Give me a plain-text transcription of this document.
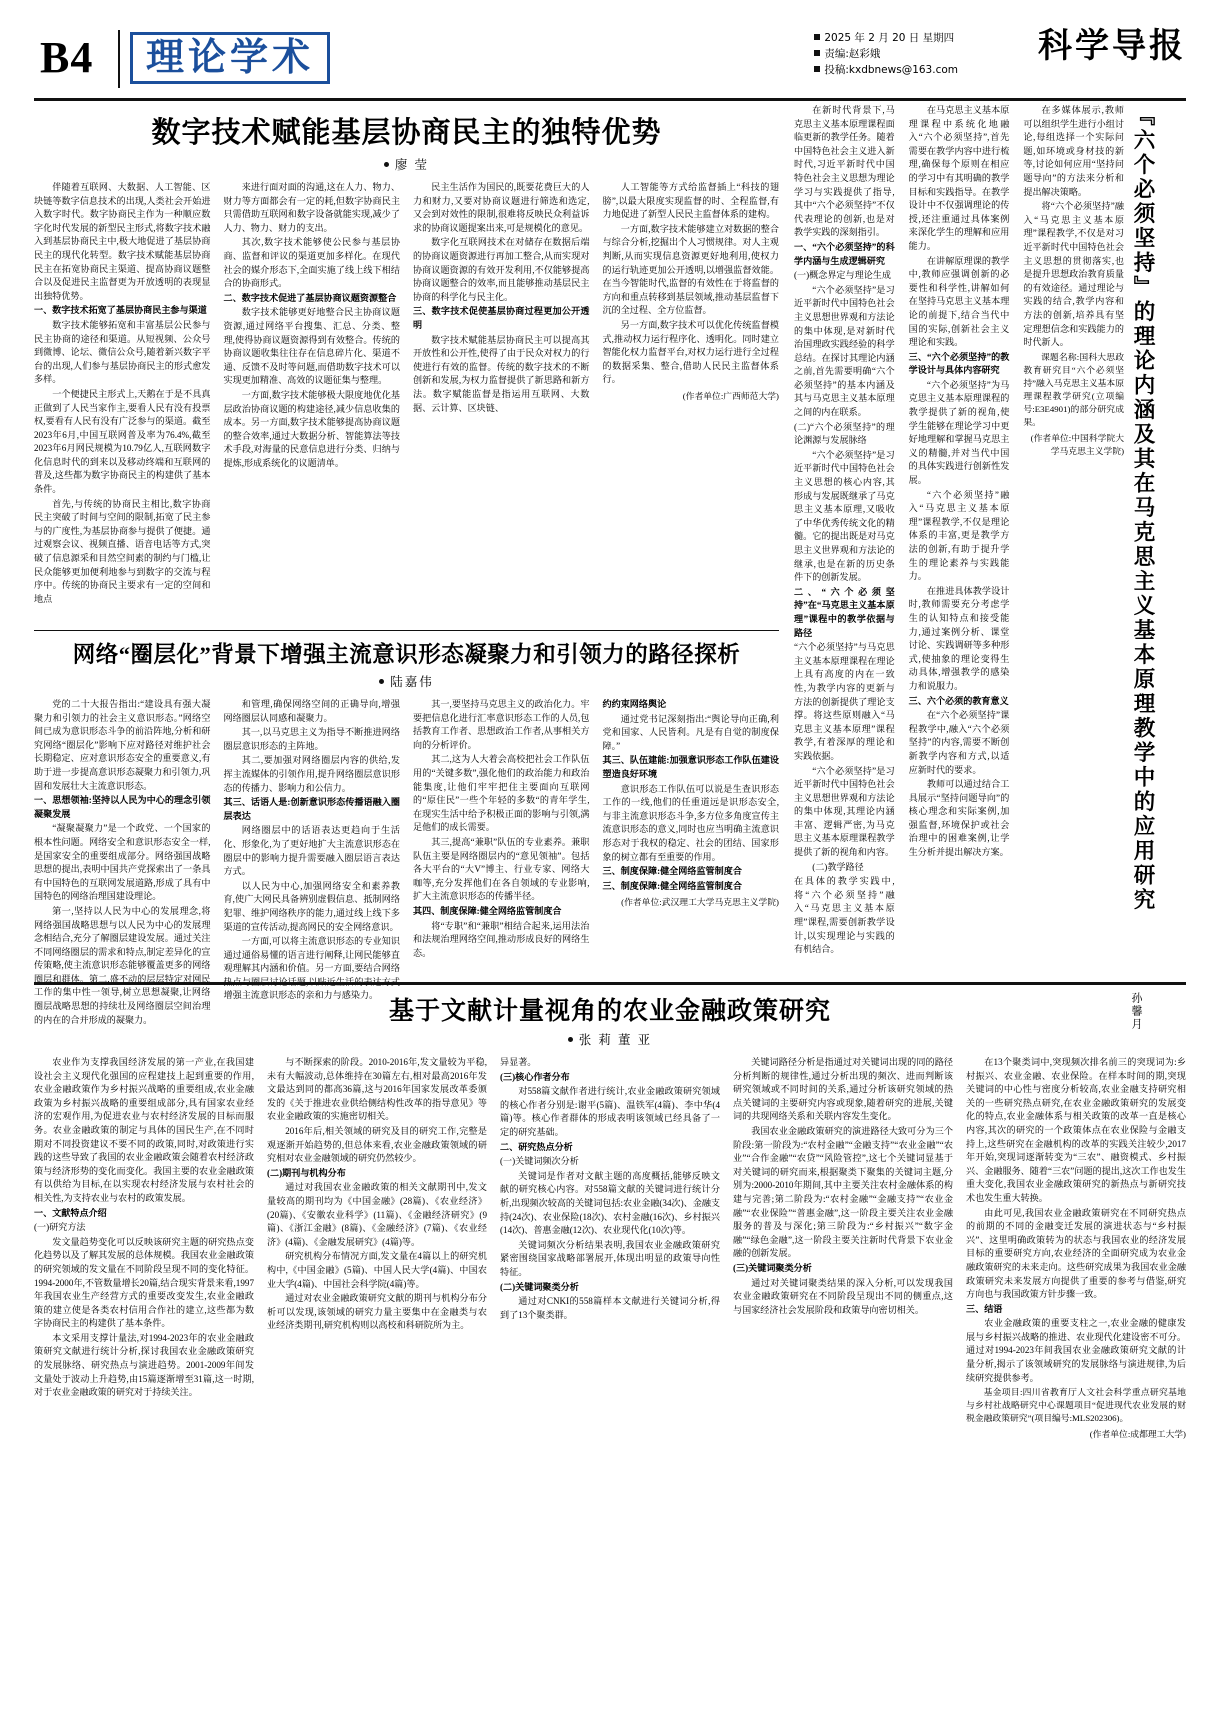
B4	理论学术	2025 年 2 月 20 日 星期四
责编:赵彩娥
投稿:kxdbnews@163.com
科学导报
数字技术赋能基层协商民主的独特优势
廖 莹

伴随着互联网、大数据、人工智能、区块链等数字信息技术的出现,人类社会开始进入数字时代。数字协商民主作为一种顺应数字化时代发展的新型民主形式,将数字技术融入到基层协商民主中,极大地促进了基层协商民主的现代化转型。数字技术赋能基层协商民主在拓宽协商民主渠道、提高协商议题整合以及促进民主监督更为开放透明的表现显出独特优势。

一、数字技术拓宽了基层协商民主参与渠道

数字技术能够拓宽和丰富基层公民参与民主协商的途径和渠道。从短视频、公众号到微博、论坛、微信公众号,随着新兴数字平台的出现,人们参与基层协商民主的形式愈发多样。

一个便捷民主形式上,天鹅在于是不具真正做到了人民当家作主,要看人民有没有投票权,要看有人民有没有广泛参与的渠道。截至2023年6月,中国互联网普及率为76.4%,截至2023年6月网民规模为10.79亿人,互联网数字化信息时代的到来以及移动终端和互联网的普及,这些都为数字协商民主的构建供了基本条件。

首先,与传统的协商民主相比,数字协商民主突破了时间与空间的限制,拓宽了民主参与的广度性,为基层协商参与提供了便捷。通过观察会议、视频直播、语音电话等方式,突破了信息源采和目然空间素的制约与门槛,让民众能够更加便利地参与到数字的交流与程序中。传统的协商民主要求有一定的空间和地点

来进行面对面的沟通,这在人力、物力、财力等方面都会有一定的耗,但数字协商民主只需借助互联网和数字设备就能实现,减少了人力、物力、财力的支出。

其次,数字技术能够使公民参与基层协商、监督和评议的渠道更加多样化。在现代社会的媒介形态下,全面实施了线上线下相结合的协商形式。

二、数字技术促进了基层协商议题资源整合

数字技术能够更好地整合民主协商议题资源,通过网络平台搜集、汇总、分类、整理,使得协商议题资源得到有效整合。传统的协商议题收集往往存在信息碎片化、渠道不通、反馈不及时等问题,而借助数字技术可以实现更加精准、高效的议题征集与整理。

一方面,数字技术能够极大限度地优化基层政治协商议题的构建途径,减少信息收集的成本。另一方面,数字技术能够提高协商议题的整合效率,通过大数据分析、智能算法等技术手段,对海量的民意信息进行分类、归纳与提炼,形成系统化的议题清单。

民主生活作为国民的,既要花费巨大的人力和财力,又要对协商议题进行筛选和选定,又会到对效性的限制,很难将反映民众利益诉求的协商议题提案出来,可是规模化的意见。

数字化互联网技术在对储存在数据后端的协商议题资源进行再加工整合,从而实现对协商议题资源的有效开发利用,不仅能够提高协商议题整合的效率,而且能够推动基层民主协商的科学化与民主化。

三、数字技术促使基层协商过程更加公开透明

数字技术赋能基层协商民主可以提高其开放性和公开性,使得了由于民众对权力的行使进行有效的监督。传统的数字技术的不断创新和发展,为权力监督提供了新思路和新方法。数字赋能监督是指运用互联网、大数据、云计算、区块链、

人工智能等方式给监督插上“科技的翅膀”,以最大限度实现监督的时、全程监督,有力地促进了新型人民民主监督体系的建构。

一方面,数字技术能够建立对数据的整合与综合分析,挖掘出个人习惯规律。对人主观判断,从而实现信息资源更好地利用,使权力的运行轨迹更加公开透明,以增强监督效能。在当今智能时代,监督的有效性在于将监督的方向和重点转移到基层领域,推动基层监督下沉的全过程、全方位监督。

另一方面,数字技术可以优化传统监督模式,推动权力运行程序化、透明化。同时建立智能化权力监督平台,对权力运行进行全过程的数据采集、整合,借助人民民主监督体系行。

(作者单位:广西师范大学)	『六个必须坚持』的理论内涵及其在马克思主义基本原理教学中的应用研究
孙馨月

在新时代背景下,马克思主义基本原理课程面临更新的教学任务。随着中国特色社会主义进入新时代,习近平新时代中国特色社会主义思想为理论学习与实践提供了指导,其中“六个必须坚持”不仅代表理论的创新,也是对教学实践的深刻指引。

一、“六个必须坚持”的科学内涵与生成逻辑研究

(一)概念界定与理论生成

“六个必须坚持”是习近平新时代中国特色社会主义思想世界观和方法论的集中体现,是对新时代治国理政实践经验的科学总结。在探讨其理论内涵之前,首先需要明确“六个必须坚持”的基本内涵及其与马克思主义基本原理之间的内在联系。

(二)“六个必须坚持”的理论渊源与发展脉络

“六个必须坚持”是习近平新时代中国特色社会主义思想的核心内容,其形成与发展既继承了马克思主义基本原理,又吸收了中华优秀传统文化的精髓。它的提出既是对马克思主义世界观和方法论的继承,也是在新的历史条件下的创新发展。

二、“六个必须坚持”在“马克思主义基本原理”课程中的教学依据与路径

“六个必须坚持”与马克思主义基本原理课程在理论上具有高度的内在一致性,为教学内容的更新与方法的创新提供了理论支撑。将这些原则融入“马克思主义基本原理”课程教学,有着深厚的理论和实践依据。

“六个必须坚持”是习近平新时代中国特色社会主义思想世界观和方法论的集中体现,其理论内涵丰富、逻辑严密,为马克思主义基本原理课程教学提供了新的视角和内容。

(二)教学路径

在具体的教学实践中,将“六个必须坚持”融入“马克思主义基本原理”课程,需要创新教学设计,以实现理论与实践的有机结合。

在马克思主义基本原理课程中系统化地融入“六个必须坚持”,首先需要在教学内容中进行梳理,确保每个原则在相应的学习中有其明确的教学目标和实践指导。在教学设计中不仅强调理论的传授,还注重通过具体案例来深化学生的理解和应用能力。

在讲解原理课的教学中,教师应强调创新的必要性和科学性,讲解如何在坚持马克思主义基本理论的前提下,结合当代中国的实际,创新社会主义理论和实践。

三、“六个必须坚持”的教学设计与具体内容研究

“六个必须坚持”为马克思主义基本原理课程的教学提供了新的视角,使学生能够在理论学习中更好地理解和掌握马克思主义的精髓,并对当代中国的具体实践进行创新性发展。

“六个必须坚持”融入“马克思主义基本原理”课程教学,不仅是理论体系的丰富,更是教学方法的创新,有助于提升学生的理论素养与实践能力。

在推进具体教学设计时,教师需要充分考虑学生的认知特点和接受能力,通过案例分析、课堂讨论、实践调研等多种形式,使抽象的理论变得生动具体,增强教学的感染力和说服力。

三、六个必须的教育意义

在“六个必须坚持”课程教学中,融入“六个必须坚持”的内容,需要不断创新教学内容和方式,以适应新时代的要求。

教师可以通过结合工具展示“坚持问题导向”的核心理念和实际案例,加强监督,环境保护或社会治理中的困难案例,让学生分析并提出解决方案。

在多媒体展示,教师可以组织学生进行小组讨论,每组选择一个实际问题,如环境或身材技的新等,讨论如何应用“坚持问题导向”的方法来分析和提出解决策略。

将“六个必须坚持”融入“马克思主义基本原理”课程教学,不仅是对习近平新时代中国特色社会主义思想的贯彻落实,也是提升思想政治教育质量的有效途径。通过理论与实践的结合,教学内容和方法的创新,培养具有坚定理想信念和实践能力的时代新人。

课题名称:国科大思政教育研究目“六个必须坚持”融入马克思主义基本原理课程教学研究(立项编号:E3E4901)的部分研究成果。

(作者单位:中国科学院大学马克思主义学院)
网络“圈层化”背景下增强主流意识形态凝聚力和引领力的路径探析
陆嘉伟

党的二十大报告指出:“建设具有强大凝聚力和引领力的社会主义意识形态。”网络空间已成为意识形态斗争的前沿阵地,分析和研究网络“圈层化”影响下应对路径对维护社会长期稳定、应对意识形态安全的重要意义,有助于进一步提高意识形态凝聚力和引领力,巩固和发展壮大主流意识形态。

一、思想领袖:坚持以人民为中心的理念引领凝聚发展

“凝聚凝聚力”是一个政党、一个国家的根本性问题。网络安全和意识形态安全一样,是国家安全的重要组成部分。网络强国战略思想的提出,表明中国共产党探索出了一条具有中国特色的互联网发展道路,形成了具有中国特色的网络治理国建设理论。

第一,坚持以人民为中心的发展理念,将网络强国战略思想与以人民为中心的发展理念相结合,充分了解圈层建设发展。通过关注不同网络圈层的需求和特点,制定差异化的宣传策略,使主流意识形态能够覆盖更多的网络圈层和群体。第二,盛不动的层层特定对网民工作的集中性一领导,树立思想凝聚,让网络圈层战略思想的持续壮及网络圈层空间治理的内在的合并形成的凝聚力。

和管理,确保网络空间的正确导向,增强网络圈层认同感和凝聚力。

其一,以马克思主义为指导不断推进网络圈层意识形态的主阵地。

其二,要加强对网络圈层内容的供给,发挥主流媒体的引领作用,提升网络圈层意识形态的传播力、影响力和公信力。

其三、话语人是:创新意识形态传播语融入圈层表达

网络圈层中的话语表达更趋向于生活化、形象化,为了更好地扩大主流意识形态在圈层中的影响力提升需要融入圈层语言表达方式。

以人民为中心,加强网络安全和素养教育,使广大网民具备辨别虚假信息、抵制网络犯罪、维护网络秩序的能力,通过线上线下多渠道的宣传活动,提高网民的安全网络意识。

一方面,可以将主流意识形态的专业知识通过通俗易懂的语言进行阐释,让网民能够直观理解其内涵和价值。另一方面,要结合网络热点与圈层讨论话题,以贴近生活的表达方式增强主流意识形态的亲和力与感染力。

其一,要坚持马克思主义的政治化力。牢要把信息化进行汇率意识形态工作的人员,包括教育工作者、思想政治工作者,从事相关方向的分析评价。

其二,这为人大着会高校把社会工作队伍用的“关键多数”,强化他们的政治能力和政治能集度,让他们牢牢把住主要面向互联网的“原住民”一些个年轻的多数“的青年学生,在现实生活中给予积极正面的影响与引领,满足他们的成长需要。

其三,提高“兼职”队伍的专业素养。兼职队伍主要是网络圈层内的“意见领袖”。包括各大平台的“大V”博主、行业专家、网络大咖等,充分发挥他们在各自领域的专业影响,扩大主流意识形态的传播半径。

其四、制度保障:健全网络监管制度合

将“专职”和“兼职”相结合起来,运用法治和法规治理网络空间,推动形成良好的网络生态。

约约束网络舆论

通过党书记深刻指出:“舆论导向正确,利党和国家、人民皆利。凡是有自觉的制度保障。”

其三、队伍建能:加强意识形态工作队伍建设塑造良好环境

意识形态工作队伍可以说是生查识形态工作的一线,他们的任重道远是识形态安全,与非主流意识形态斗争,多方位多角度宣传主流意识形态的意义,同时也应当明确主流意识形态对于我权的稳定、社会的团结、国家形象的树立都有至重要的作用。

三、制度保障:健全网络监管制度合

三、制度保障:健全网络监管制度合

(作者单位:武汉理工大学马克思主义学院)
基于文献计量视角的农业金融政策研究
张 莉 董 亚

农业作为支撑我国经济发展的第一产业,在我国建设社会主义现代化强国的应程建技上起到重要的作用,农业金融政策作为乡村振兴战略的重要组成,农业金融政策为乡村振兴战略的重要组成部分,具有国家农业经济的宏观作用,为促进农业与农村经济发展的目标而服务。农业金融政策的制定与具体的国民生产,在不同时期对不同投资建议不要不同的政策,同时,对政策进行实践的这些导致了我国的农业金融政策会随着农村经济政策与经济形势的变化而变化。我国主要的农业金融政策有以供给为目标,在以实现农村经济发展与农村社会的相关性,为支持农业与农村的政策发展。

一、文献特点介绍

(一)研究方法

发文量趋势变化可以反映该研究主题的研究热点变化趋势以及了解其发展的总体规模。我国农业金融政策的研究领域的发文量在不同阶段呈现不同的变化特征。1994-2000年,不管数量增长20篇,结合现实背景来看,1997年我国农业生产经营方式的重要改变发生,农业金融政策的建立使是各类农村信用合作社的建立,这些都为数字协商民主的构建供了基本条件。

本文采用支撑计量法,对1994-2023年的农业金融政策研究文献进行统计分析,探讨我国农业金融政策研究的发展脉络、研究热点与演进趋势。2001-2009年间发文量处于波动上升趋势,由15篇逐渐增至31篇,这一时期,对于农业金融政策的研究对于持续关注。

与不断探索的阶段。2010-2016年,发文量较为平稳,未有大幅波动,总体维持在30篇左右,相对最高2016年发文最达到同的都高36篇,这与2016年国家发展改革委颁发的《关于推进农业供给侧结构性改革的指导意见》等农业金融政策的实施密切相关。

2016年后,相关领域的研究及目的研究工作,完整是观逐渐开始趋势的,但总体来看,农业金融政策领域的研究相对农业金融领域的研究仍然较少。

(二)期刊与机构分布

通过对我国农业金融政策的相关文献期刊中,发文量较高的期刊均为《中国金融》(28篇)、《农业经济》(20篇)、《安徽农业科学》(11篇)、《金融经济研究》(9篇)、《浙江金融》(8篇)、《金融经济》(7篇)、《农业经济》(4篇)、《金融发展研究》(4篇)等。

研究机构分布情况方面,发文量在4篇以上的研究机构中,《中国金融》(5篇)、中国人民大学(4篇)、中国农业大学(4篇)、中国社会科学院(4篇)等。

通过对农业金融政策研究文献的期刊与机构分布分析可以发现,该领域的研究力量主要集中在金融类与农业经济类期刊,研究机构则以高校和科研院所为主。

异显著。

(三)核心作者分布

对558篇文献作者进行统计,农业金融政策研究领域的核心作者分别是:谢平(5篇)、温铁军(4篇)、李中华(4篇)等。核心作者群体的形成表明该领域已经具备了一定的研究基础。

二、研究热点分析

(一)关键词频次分析

关键词是作者对文献主题的高度概括,能够反映文献的研究核心内容。对558篇文献的关键词进行统计分析,出现频次较高的关键词包括:农业金融(34次)、金融支持(24次)、农业保险(18次)、农村金融(16次)、乡村振兴(14次)、普惠金融(12次)、农业现代化(10次)等。

关键词频次分析结果表明,我国农业金融政策研究紧密围绕国家战略部署展开,体现出明显的政策导向性特征。

(二)关键词聚类分析

通过对CNKI的558篇样本文献进行关键词分析,得到了13个聚类群。

关键词路径分析是指通过对关键词出现的同的路径分析判断的规律性,通过分析出现的频次、进而判断该研究领域或不同时间的关系,通过分析该研究领域的热点关键词的主要研究内容或现象,随着研究的进展,关键词的共现网络关系和关联内容发生变化。

我国农业金融政策研究的演进路径大致可分为三个阶段:第一阶段为:“农村金融”“金融支持”“农业金融”“农业”“合作金融”“农贷”“风险管控”,这七个关键词显基于对关键词的研究而来,根据聚类下聚集的关键词主题,分别为:2000-2010年期间,其中主要关注农村金融体系的构建与完善;第二阶段为:“农村金融”“金融支持”“农业金融”“农业保险”“普惠金融”,这一阶段主要关注农业金融服务的普及与深化;第三阶段为:“乡村振兴”“数字金融”“绿色金融”,这一阶段主要关注新时代背景下农业金融的创新发展。

(三)关键词聚类分析

通过对关键词聚类结果的深入分析,可以发现我国农业金融政策研究在不同阶段呈现出不同的侧重点,这与国家经济社会发展阶段和政策导向密切相关。

在13个聚类词中,突现频次排名前三的突现词为:乡村振兴、农业金融、农业保险。在样本时间的期,突现关键词的中心性与密度分析较高,农业金融支持研究相关的一些研究热点研究,在农业金融政策研究的发展变化的特点,农业金融体系与相关政策的改革一直是核心内容,其次的研究的一个政策体点在农业保险与金融支持上,这些研究在金融机构的改革的实践关注较少,2017年开始,突现词逐渐转变为“三农”、融资模式、乡村振兴、金融服务、随着“三农”问题的提出,这次工作也发生重大变化,我国农业金融政策研究的新热点与新研究技术也发生重大转换。

由此可见,我国农业金融政策研究在不同研究热点的前期的不同的金融变迁发展的演进状态与“乡村振兴”、这里明确政策转为的状态与我国农业的经济发展目标的重要研究方向,农业经济的全面研究成为农业金融政策研究的未来走向。这些研究成果为我国农业金融政策研究未来发展方向提供了重要的参考与借鉴,研究方向也与我国政策方针步骤一致。

三、结语

农业金融政策的重要支柱之一,农业金融的健康发展与乡村振兴战略的推进、农业现代化建设密不可分。通过对1994-2023年间我国农业金融政策研究文献的计量分析,揭示了该领域研究的发展脉络与演进规律,为后续研究提供参考。

基金项目:四川省教育厅人文社会科学重点研究基地与乡村社战略研究中心课题项目“促进现代农业发展的财税金融政策研究”(项目编号:MLS202306)。

(作者单位:成都理工大学)
